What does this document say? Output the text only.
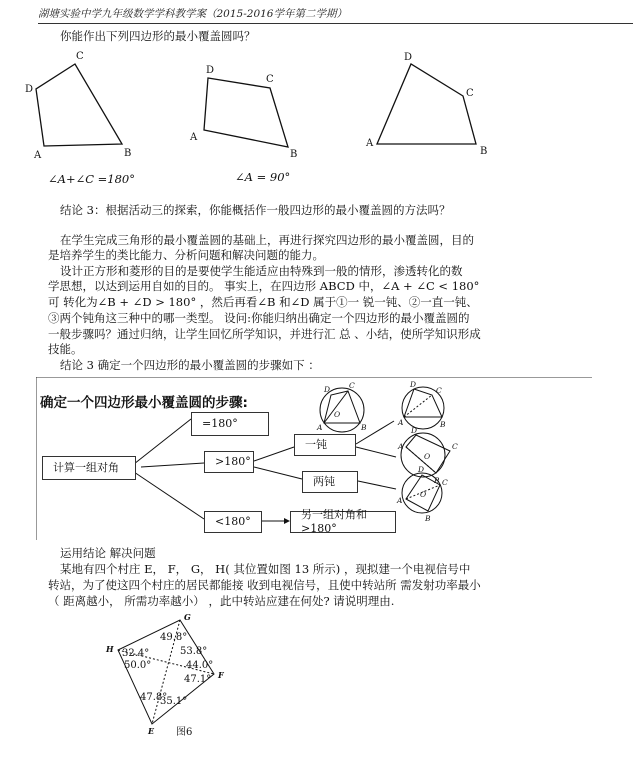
湖塘实验中学九年级数学学科教学案（2015-2016学年第二学期）
你能作出下列四边形的最小覆盖圆吗？
A	B
C
D
A
B
C
D
A
B
C
D
∠A+∠C =180°	∠A = 90°
结论 3：根据活动三的探索，你能概括作一般四边形的最小覆盖圆的方法吗？
在学生完成三角形的最小覆盖圆的基础上，再进行探究四边形的最小覆盖圆，目的
是培养学生的类比能力、分析问题和解决问题的能力。
设计正方形和菱形的目的是要使学生能适应由特殊到一般的情形，渗透转化的数
学思想，以达到运用自如的目的。 事实上，在四边形 ABCD 中，∠A + ∠C < 180°
可 转化为∠B + ∠D > 180° ，然后再看∠B 和∠D 属于①一 锐一钝、②一直一钝、
③两个钝角这三种中的哪一类型。 设问:你能归纳出确定一个四边形的最小覆盖圆的
一般步骤吗？通过归纳，让学生回忆所学知识，并进行汇 总 、小结，使所学知识形成
技能。
结论 3 确定一个四边形的最小覆盖圆的步骤如下 ：
A	B
C
D
O
A	B
C
D
A
B
C
D
O
A
B
C
D
O
确定一个四边形最小覆盖圆的步骤:
计算一组对角
=180°
>180°
一钝
两钝
<180°
另一组对角和>180°
运用结论 解决问题
某地有四个村庄 E， F， G， H( 其位置如图 13 所示) ，现拟建一个电视信号中
转站，为了使这四个村庄的居民都能接 收到电视信号，且使中转站所 需发射功率最小
（ 距离越小， 所需功率越小） ，此中转站应建在何处? 请说明理由.
G
H
F
E
49.8°
32.4°	53.8°
50.0°	44.0°
47.1°
47.8°
35.1°
图6
